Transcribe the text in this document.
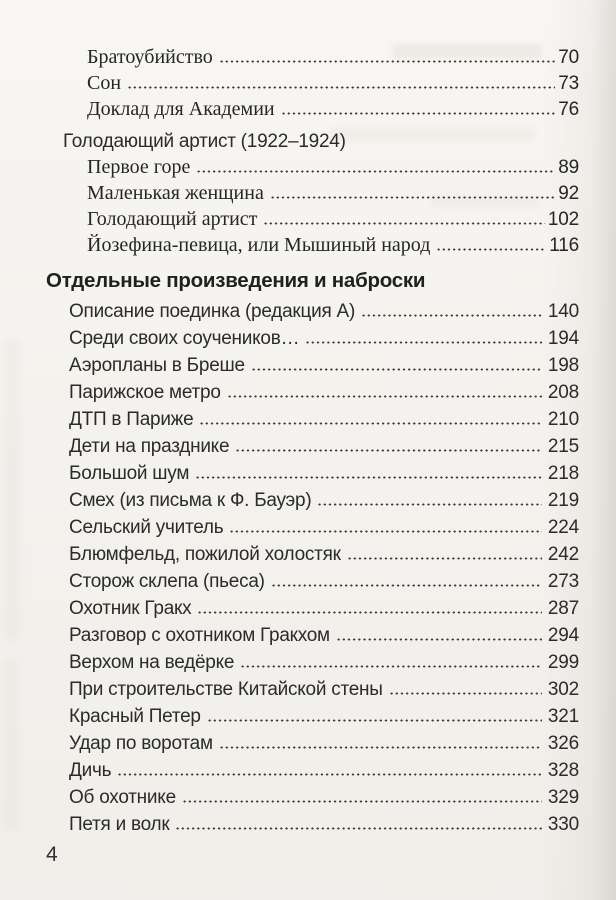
Братоубийство	70
Сон	73
Доклад для Академии	76
Голодающий артист (1922–1924)
Первое горе	89
Маленькая женщина	92
Голодающий артист	102
Йозефина-певица, или Мышиный народ	116
Отдельные произведения и наброски
Описание поединка (редакция А)	140
Среди своих соучеников…	194
Аэропланы в Бреше	198
Парижское метро	208
ДТП в Париже	210
Дети на празднике	215
Большой шум	218
Смех (из письма к Ф. Бауэр)	219
Сельский учитель	224
Блюмфельд, пожилой холостяк	242
Сторож склепа (пьеса)	273
Охотник Гракх	287
Разговор с охотником Гракхом	294
Верхом на ведёрке	299
При строительстве Китайской стены	302
Красный Петер	321
Удар по воротам	326
Дичь	328
Об охотнике	329
Петя и волк	330
4
